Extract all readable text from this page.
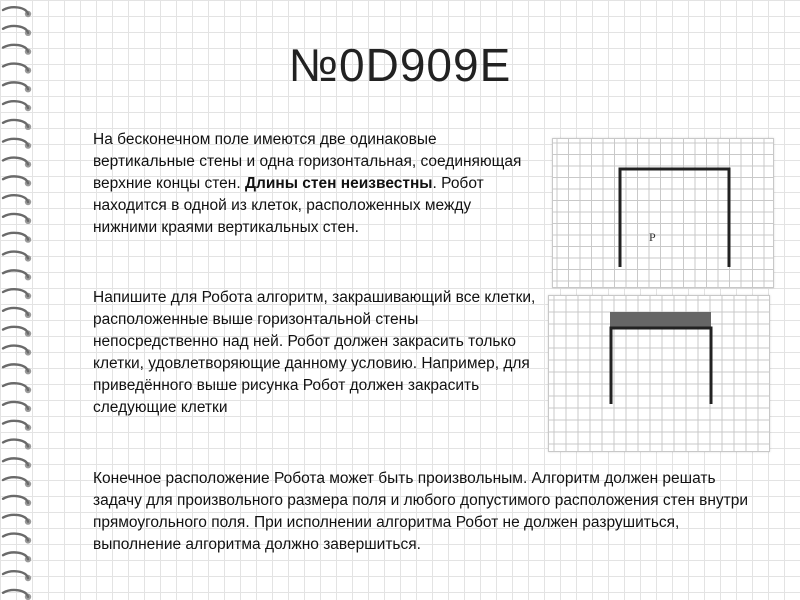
№0D909E
На бесконечном поле имеются две одинаковые вертикальные стены и одна горизонтальная, соединяющая верхние концы стен. Длины стен неизвестны. Робот находится в одной из клеток, расположенных между нижними краями вертикальных стен.
Р
Напишите для Робота алгоритм, закрашивающий все клетки, расположенные выше горизонтальной стены непосредственно над ней. Робот должен закрасить только клетки, удовлетворяющие данному условию. Например, для приведённого выше рисунка Робот должен закрасить следующие клетки
Конечное расположение Робота может быть произвольным. Алгоритм должен решать задачу для произвольного размера поля и любого допустимого расположения стен внутри прямоугольного поля. При исполнении алгоритма Робот не должен разрушиться, выполнение алгоритма должно завершиться.
